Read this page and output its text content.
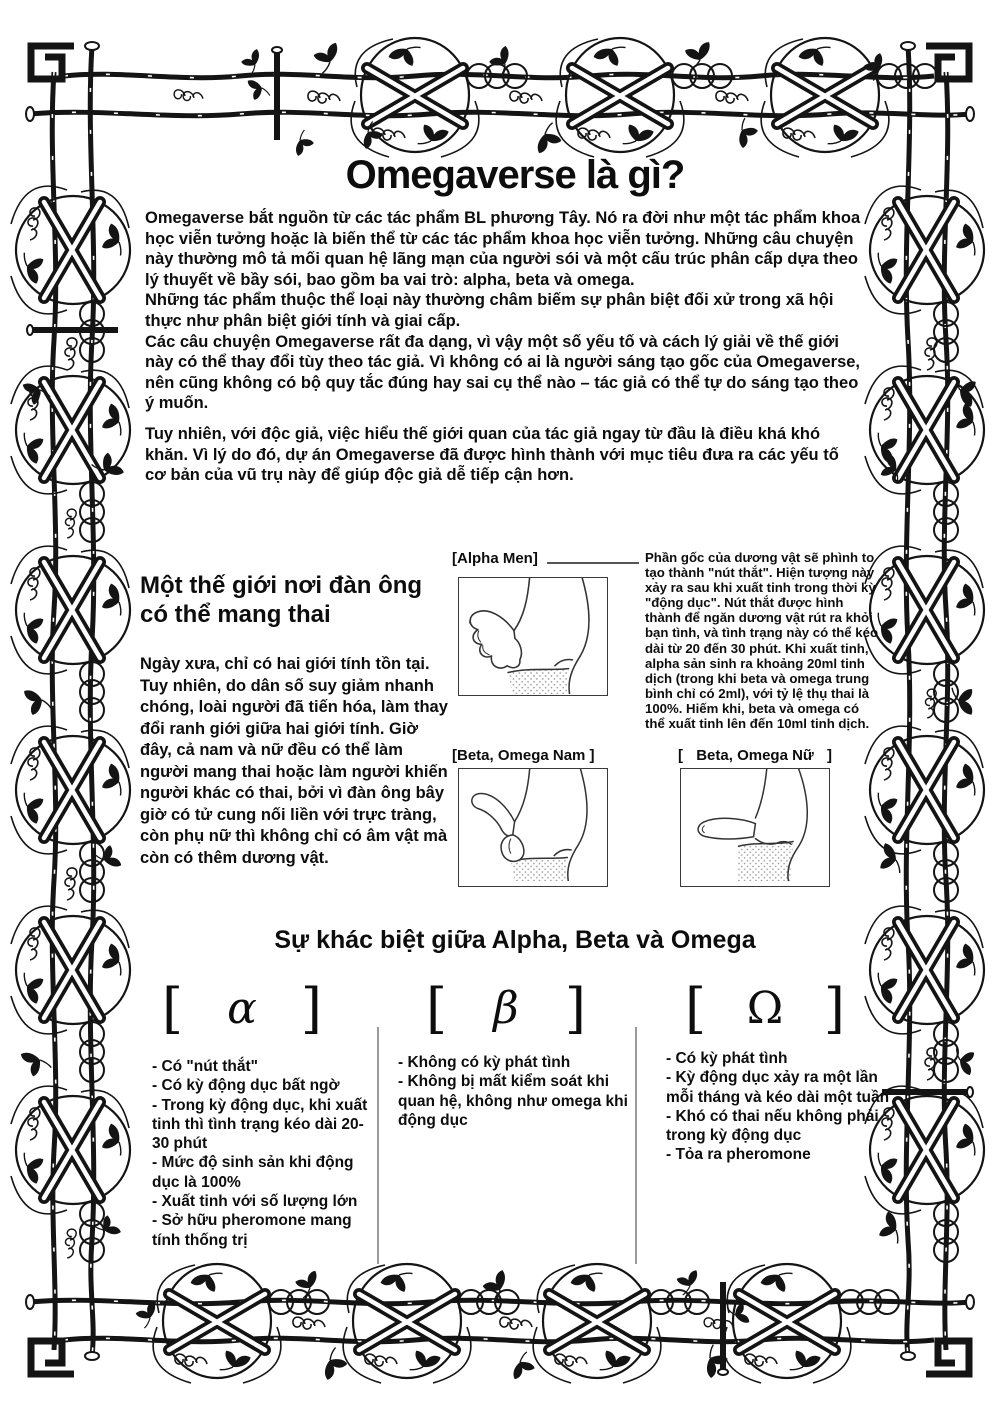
Omegaverse là gì?

Omegaverse bắt nguồn từ các tác phẩm BL phương Tây. Nó ra đời như một tác phẩm khoa học viễn tưởng hoặc là biến thể từ các tác phẩm khoa học viễn tưởng. Những câu chuyện này thường mô tả mối quan hệ lãng mạn của người sói và một cấu trúc phân cấp dựa theo lý thuyết về bầy sói, bao gồm ba vai trò: alpha, beta và omega.

Những tác phẩm thuộc thể loại này thường châm biếm sự phân biệt đối xử trong xã hội thực như phân biệt giới tính và giai cấp.

Các câu chuyện Omegaverse rất đa dạng, vì vậy một số yếu tố và cách lý giải về thế giới này có thể thay đổi tùy theo tác giả. Vì không có ai là người sáng tạo gốc của Omegaverse, nên cũng không có bộ quy tắc đúng hay sai cụ thể nào – tác giả có thể tự do sáng tạo theo ý muốn.

Tuy nhiên, với độc giả, việc hiểu thế giới quan của tác giả ngay từ đầu là điều khá khó khăn. Vì lý do đó, dự án Omegaverse đã được hình thành với mục tiêu đưa ra các yếu tố cơ bản của vũ trụ này để giúp độc giả dễ tiếp cận hơn.

Một thế giới nơi đàn ông có thể mang thai
Ngày xưa, chỉ có hai giới tính tồn tại. Tuy nhiên, do dân số suy giảm nhanh chóng, loài người đã tiến hóa, làm thay đổi ranh giới giữa hai giới tính. Giờ đây, cả nam và nữ đều có thể làm người mang thai hoặc làm người khiến người khác có thai, bởi vì đàn ông bây giờ có tử cung nối liền với trực tràng, còn phụ nữ thì không chỉ có âm vật mà còn có thêm dương vật.
[Alpha Men]	Phần gốc của dương vật sẽ phình to tạo thành "nút thắt". Hiện tượng này xảy ra sau khi xuất tinh trong thời kỳ "động dục". Nút thắt được hình thành để ngăn dương vật rút ra khỏi bạn tình, và tình trạng này có thể kéo dài từ 20 đến 30 phút. Khi xuất tinh, alpha sản sinh ra khoảng 20ml tinh dịch (trong khi beta và omega trung bình chỉ có 2ml), với tỷ lệ thụ thai là 100%. Hiếm khi, beta và omega có thể xuất tinh lên đến 10ml tinh dịch.
[Beta, Omega Nam ]	[ Beta, Omega Nữ ]
Sự khác biệt giữa Alpha, Beta và Omega
[ α ] [ β ] [ Ω ]
- Có "nút thắt"
- Có kỳ động dục bất ngờ
- Trong kỳ động dục, khi xuất tinh thì tình trạng kéo dài 20-30 phút
- Mức độ sinh sản khi động dục là 100%
- Xuất tinh với số lượng lớn
- Sở hữu pheromone mang tính thống trị
- Không có kỳ phát tình
- Không bị mất kiểm soát khi quan hệ, không như omega khi động dục
- Có kỳ phát tình
- Kỳ động dục xảy ra một lần mỗi tháng và kéo dài một tuần
- Khó có thai nếu không phải trong kỳ động dục
- Tỏa ra pheromone
